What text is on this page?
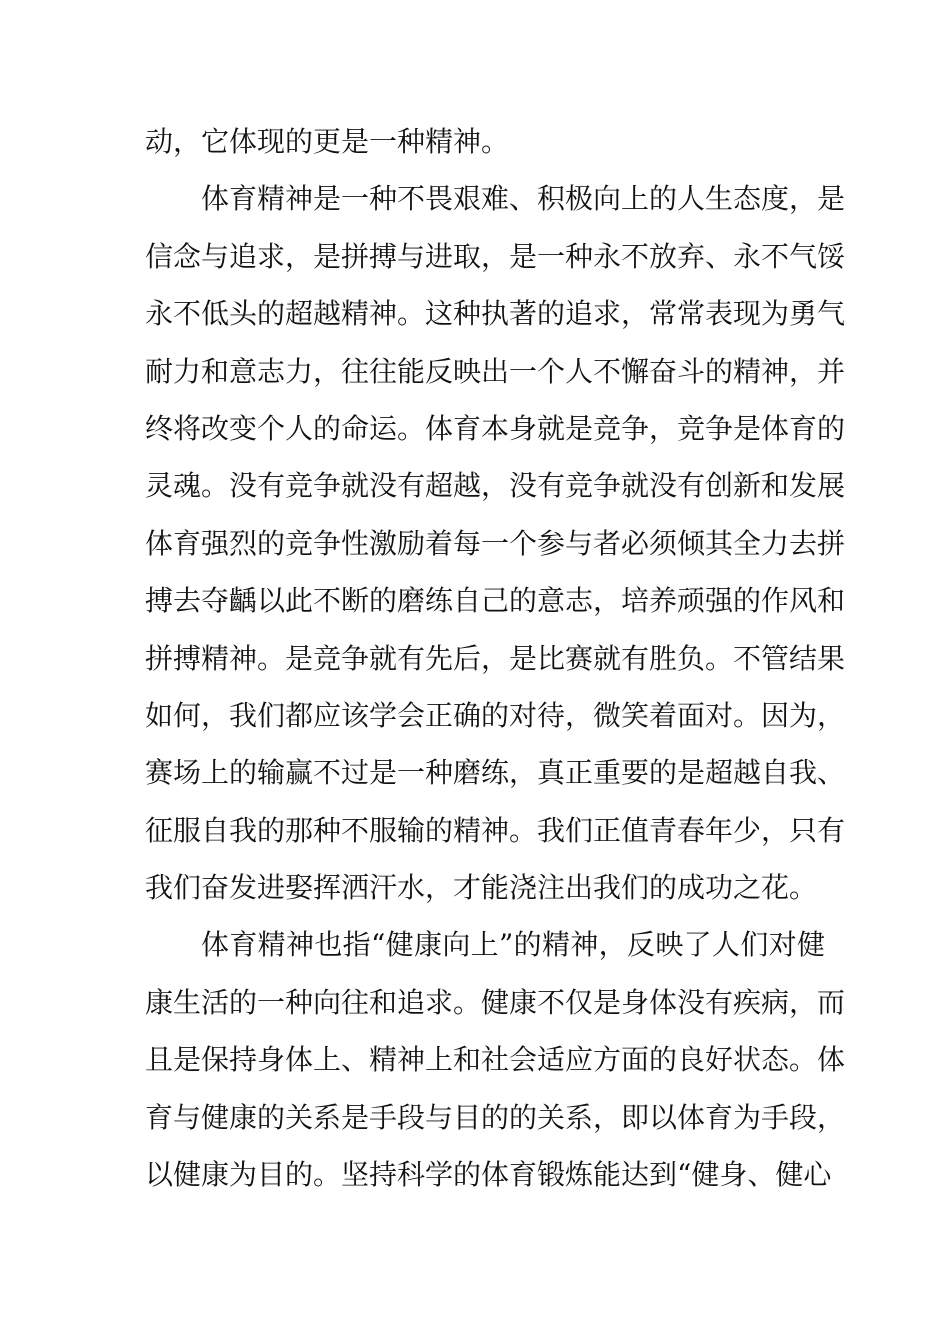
动，它体现的更是一种精神。
体育精神是一种不畏艰难、积极向上的人生态度，是
信念与追求，是拼搏与进取，是一种永不放弃、永不气馁
永不低头的超越精神。这种执著的追求，常常表现为勇气
耐力和意志力，往往能反映出一个人不懈奋斗的精神，并
终将改变个人的命运。体育本身就是竞争，竞争是体育的
灵魂。没有竞争就没有超越，没有竞争就没有创新和发展
体育强烈的竞争性激励着每一个参与者必须倾其全力去拼
搏去夺齲以此不断的磨练自己的意志，培养顽强的作风和
拼搏精神。是竞争就有先后，是比赛就有胜负。不管结果
如何，我们都应该学会正确的对待，微笑着面对。因为，
赛场上的输赢不过是一种磨练，真正重要的是超越自我、
征服自我的那种不服输的精神。我们正值青春年少，只有
我们奋发进娶挥洒汗水，才能浇注出我们的成功之花。
体育精神也指“健康向上”的精神，反映了人们对健
康生活的一种向往和追求。健康不仅是身体没有疾病，而
且是保持身体上、精神上和社会适应方面的良好状态。体
育与健康的关系是手段与目的的关系，即以体育为手段，
以健康为目的。坚持科学的体育锻炼能达到“健身、健心
